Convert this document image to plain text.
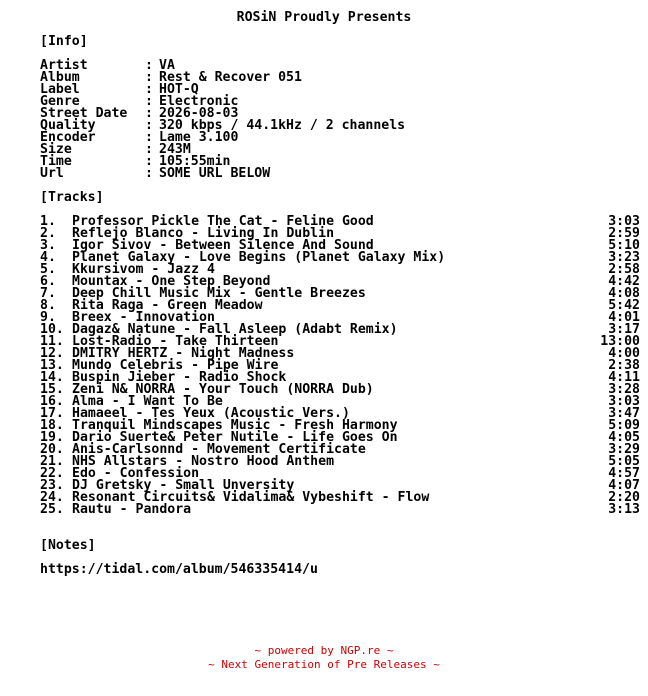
ROSiN Proudly Presents

[Info]

Artist	: VA
Album	: Rest & Recover 051
Label	: HOT-Q
Genre	: Electronic
Street Date : 2026-08-03
Quality	: 320 kbps / 44.1kHz / 2 channels
Encoder	: Lame 3.100
Size	: 243M
Time	: 105:55min
Url	: SOME URL BELOW

[Tracks]

1. Professor Pickle The Cat - Feline Good	3:03
2. Reflejo Blanco - Living In Dublin	2:59
3. Igor Sivov - Between Silence And Sound	5:10
4. Planet Galaxy - Love Begins (Planet Galaxy Mix)	3:23
5. Kkursivom - Jazz 4	2:58
6. Mountax - One Step Beyond	4:42
7. Deep Chill Music Mix - Gentle Breezes	4:08
8. Rita Raga - Green Meadow	5:42
9. Breex - Innovation	4:01
10. Dagaz& Natune - Fall Asleep (Adabt Remix)	3:17
11. Lost-Radio - Take Thirteen	13:00
12. DMITRY HERTZ - Night Madness	4:00
13. Mundo Celebris - Pipe Wire	2:38
14. Buspin Jieber - Radio Shock	4:11
15. Zeni N& NORRA - Your Touch (NORRA Dub)	3:28
16. Alma - I Want To Be	3:03
17. Hamaeel - Tes Yeux (Acoustic Vers.)	3:47
18. Tranquil Mindscapes Music - Fresh Harmony	5:09
19. Dario Suerte& Peter Nutile - Life Goes On	4:05
20. Anis-Carlsonnd - Movement Certificate	3:29
21. NHS Allstars - Nostro Hood Anthem	5:05
22. Edo - Confession	4:57
23. DJ Gretsky - Small Unversity	4:07
24. Resonant Circuits& Vidalima& Vybeshift - Flow	2:20
25. Rautu - Pandora	3:13

[Notes]

https://tidal.com/album/546335414/u

~ powered by NGP.re ~
~ Next Generation of Pre Releases ~
